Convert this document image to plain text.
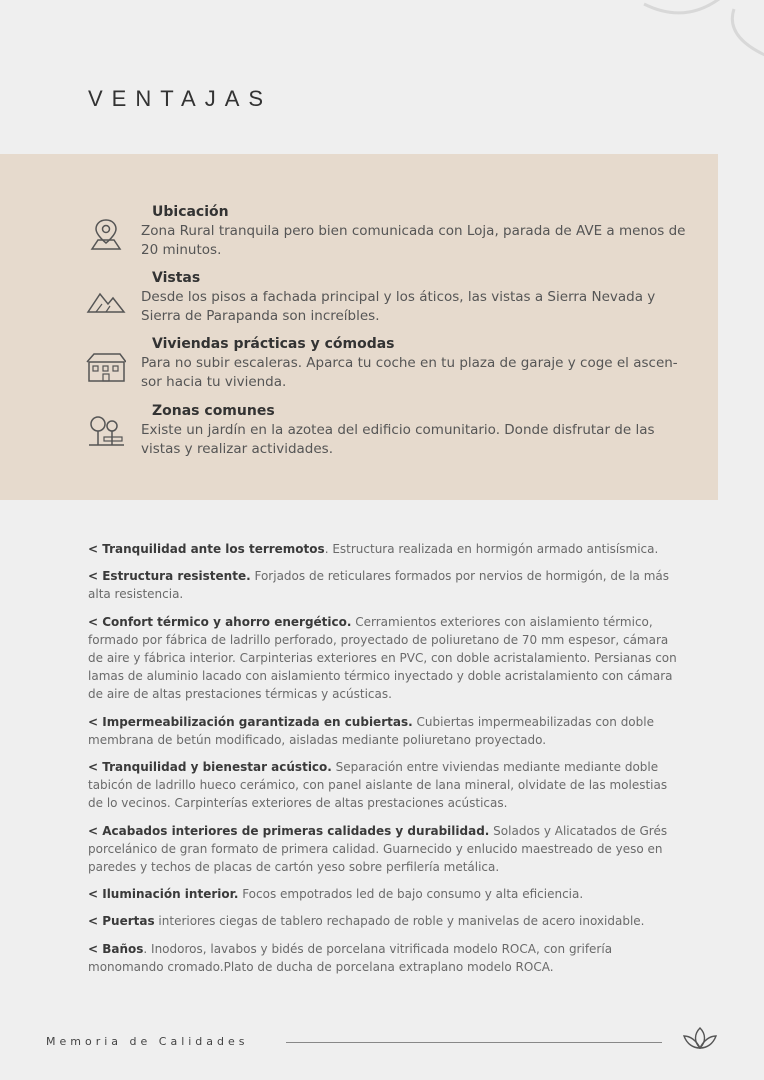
VENTAJAS
Ubicación
Zona Rural tranquila pero bien comunicada con Loja, parada de AVE a menos de 20 minutos.
Vistas
Desde los pisos a fachada principal y los áticos, las vistas a Sierra Nevada y Sierra de Parapanda son increíbles.
Viviendas prácticas y cómodas
Para no subir escaleras. Aparca tu coche en tu plaza de garaje y coge el ascen-sor hacia tu vivienda.
Zonas comunes
Existe un jardín en la azotea del edificio comunitario. Donde disfrutar de las vistas y realizar actividades.

< Tranquilidad ante los terremotos. Estructura realizada en hormigón armado antisísmica.

< Estructura resistente. Forjados de reticulares formados por nervios de hormigón, de la más alta resistencia.

< Confort térmico y ahorro energético. Cerramientos exteriores con aislamiento térmico, formado por fábrica de ladrillo perforado, proyectado de poliuretano de 70 mm espesor, cámara de aire y fábrica interior. Carpinterias exteriores en PVC, con doble acristalamiento. Persianas con lamas de aluminio lacado con aislamiento térmico inyectado y doble acristalamiento con cámara de aire de altas prestaciones térmicas y acústicas.

< Impermeabilización garantizada en cubiertas. Cubiertas impermeabilizadas con doble membrana de betún modificado, aisladas mediante poliuretano proyectado.

< Tranquilidad y bienestar acústico. Separación entre viviendas mediante mediante doble tabicón de ladrillo hueco cerámico, con panel aislante de lana mineral, olvidate de las molestias de lo vecinos. Carpinterías exteriores de altas prestaciones acústicas.

< Acabados interiores de primeras calidades y durabilidad. Solados y Alicatados de Grés porcelánico de gran formato de primera calidad. Guarnecido y enlucido maestreado de yeso en paredes y techos de placas de cartón yeso sobre perfilería metálica.

< Iluminación interior. Focos empotrados led de bajo consumo y alta eficiencia.

< Puertas interiores ciegas de tablero rechapado de roble y manivelas de acero inoxidable.

< Baños. Inodoros, lavabos y bidés de porcelana vitrificada modelo ROCA, con grifería monomando cromado.Plato de ducha de porcelana extraplano modelo ROCA.

Memoria de Calidades
